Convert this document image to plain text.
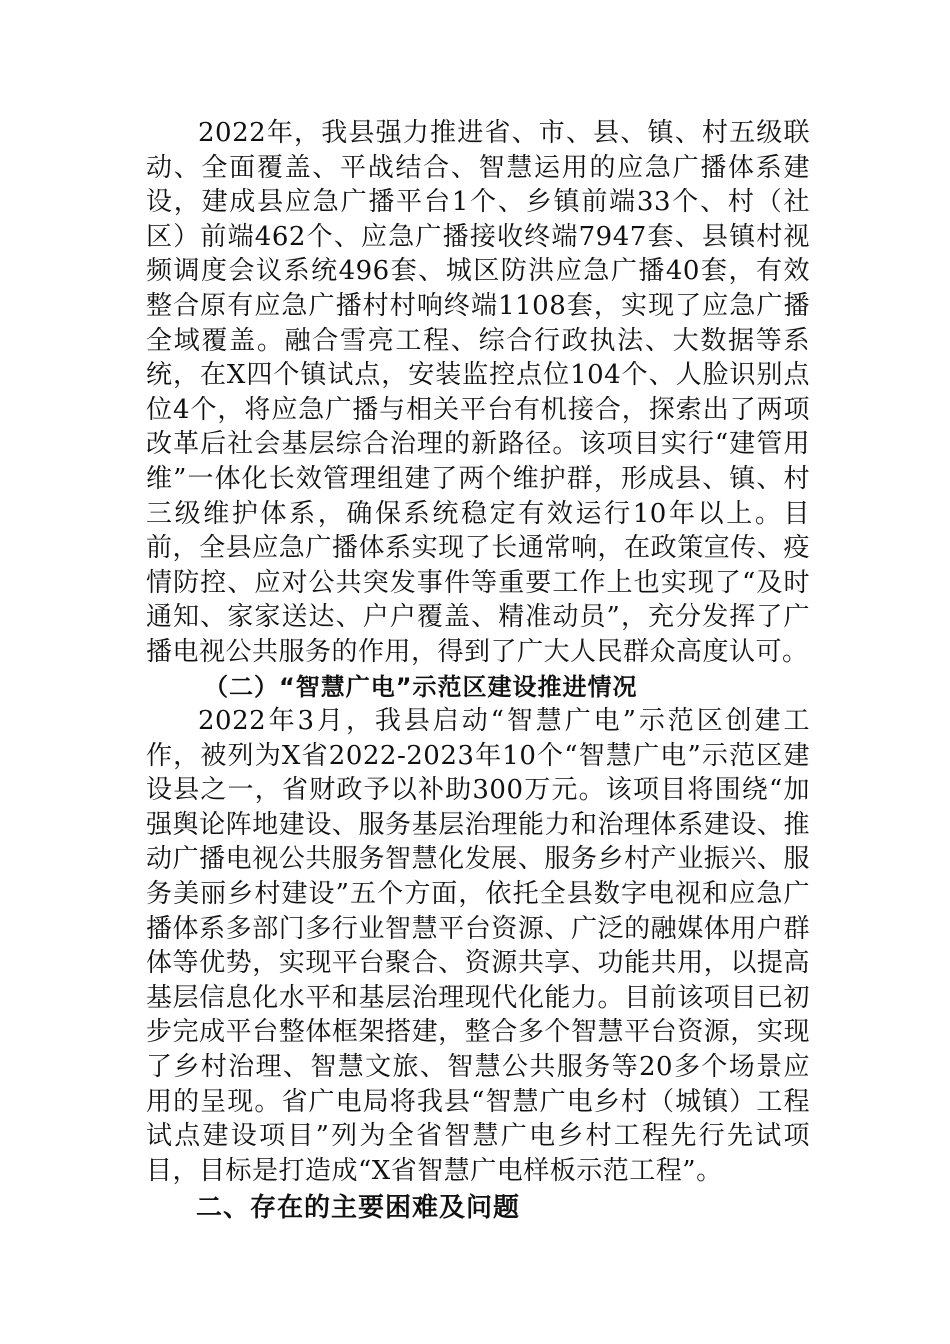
2022年，我县强力推进省、市、县、镇、村五级联动、全面覆盖、平战结合、智慧运用的应急广播体系建设，建成县应急广播平台1个、乡镇前端33个、村（社区）前端462个、应急广播接收终端7947套、县镇村视频调度会议系统496套、城区防洪应急广播40套，有效整合原有应急广播村村响终端1108套，实现了应急广播全域覆盖。融合雪亮工程、综合行政执法、大数据等系统，在X四个镇试点，安装监控点位104个、人脸识别点位4个，将应急广播与相关平台有机接合，探索出了两项改革后社会基层综合治理的新路径。该项目实行“建管用维”一体化长效管理组建了两个维护群，形成县、镇、村三级维护体系，确保系统稳定有效运行10年以上。目前，全县应急广播体系实现了长通常响，在政策宣传、疫情防控、应对公共突发事件等重要工作上也实现了“及时通知、家家送达、户户覆盖、精准动员”，充分发挥了广播电视公共服务的作用，得到了广大人民群众高度认可。

（二）“智慧广电”示范区建设推进情况

2022年3月，我县启动“智慧广电”示范区创建工作，被列为X省2022-2023年10个“智慧广电”示范区建设县之一，省财政予以补助300万元。该项目将围绕“加强舆论阵地建设、服务基层治理能力和治理体系建设、推动广播电视公共服务智慧化发展、服务乡村产业振兴、服务美丽乡村建设”五个方面，依托全县数字电视和应急广播体系多部门多行业智慧平台资源、广泛的融媒体用户群体等优势，实现平台聚合、资源共享、功能共用，以提高基层信息化水平和基层治理现代化能力。目前该项目已初步完成平台整体框架搭建，整合多个智慧平台资源，实现了乡村治理、智慧文旅、智慧公共服务等20多个场景应用的呈现。省广电局将我县“智慧广电乡村（城镇）工程试点建设项目”列为全省智慧广电乡村工程先行先试项目，目标是打造成“X省智慧广电样板示范工程”。

二、存在的主要困难及问题
